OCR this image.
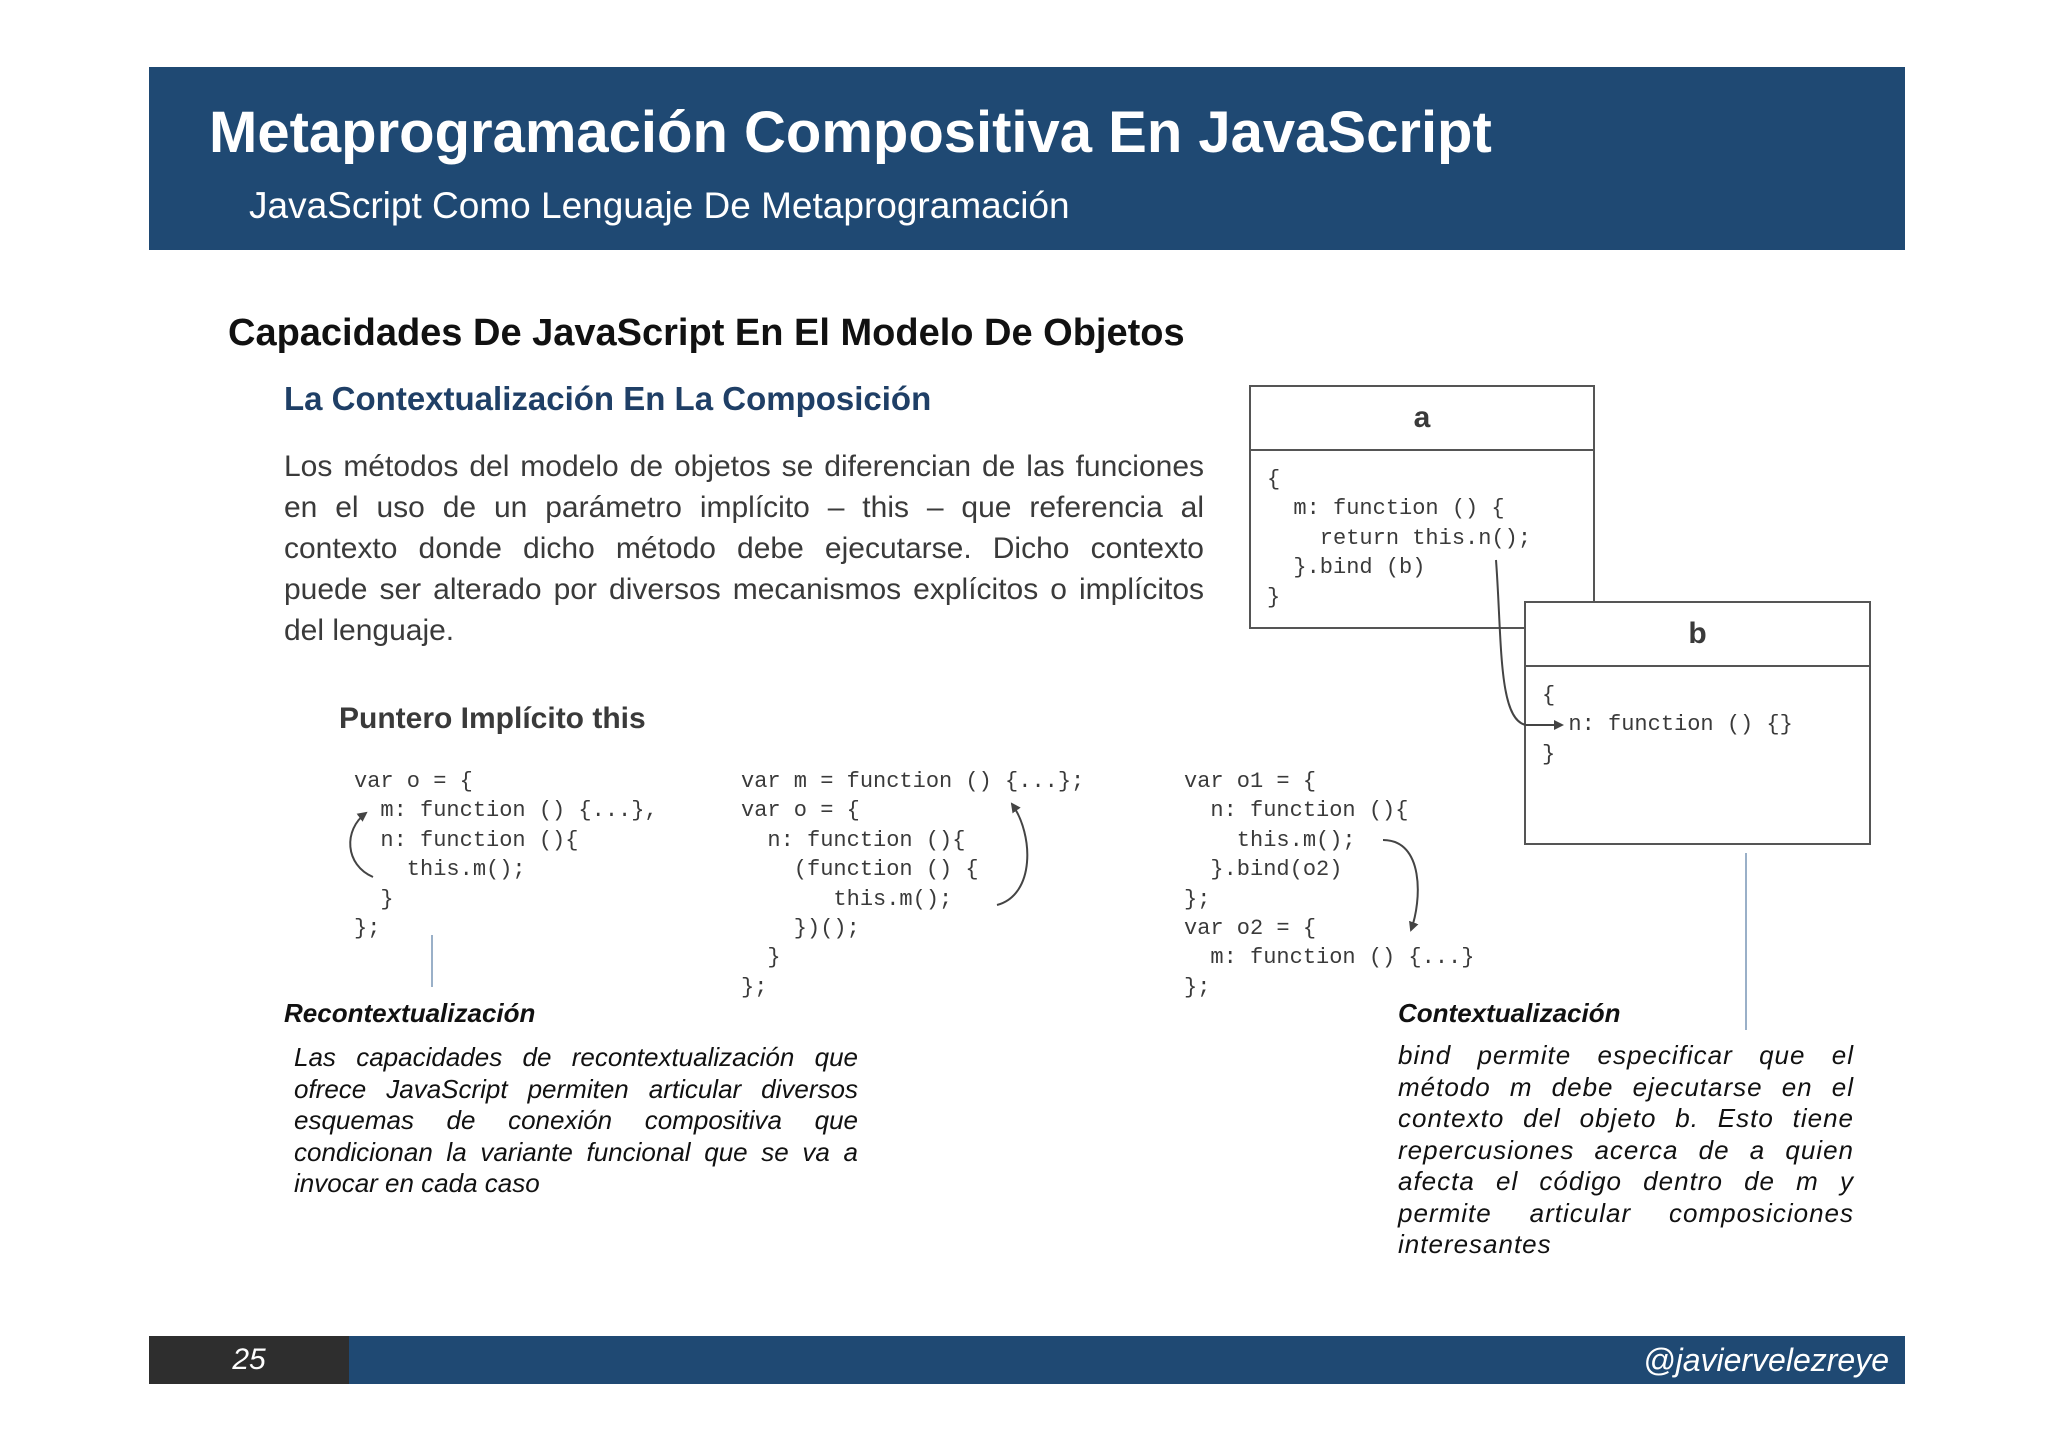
Metaprogramación Compositiva En JavaScript
JavaScript Como Lenguaje De Metaprogramación
Capacidades De JavaScript En El Modelo De Objetos
La Contextualización En La Composición
Los métodos del modelo de objetos se diferencian de las funciones en el uso de un parámetro implícito – this – que referencia al contexto donde dicho método debe ejecutarse. Dicho contexto puede ser alterado por diversos mecanismos explícitos o implícitos del lenguaje.
Puntero Implícito this
var o = {
m: function () {...},
n: function (){
this.m();
}
};
var m = function () {...};
var o = {
n: function (){
(function () {
this.m();
})();
}
};
var o1 = {
n: function (){
this.m();
}.bind(o2)
};
var o2 = {
m: function () {...}
};
a
{
m: function () {
return this.n();
}.bind (b)
}
b
{
n: function () {}
}
Recontextualización
Las capacidades de recontextualización que ofrece JavaScript permiten articular diversos esquemas de conexión compositiva que condicionan la variante funcional que se va a invocar en cada caso
Contextualización
bind permite especificar que el método m debe ejecutarse en el contexto del objeto b. Esto tiene repercusiones acerca de a quien afecta el código dentro de m y permite articular composiciones interesantes
25	@javiervelezreye
